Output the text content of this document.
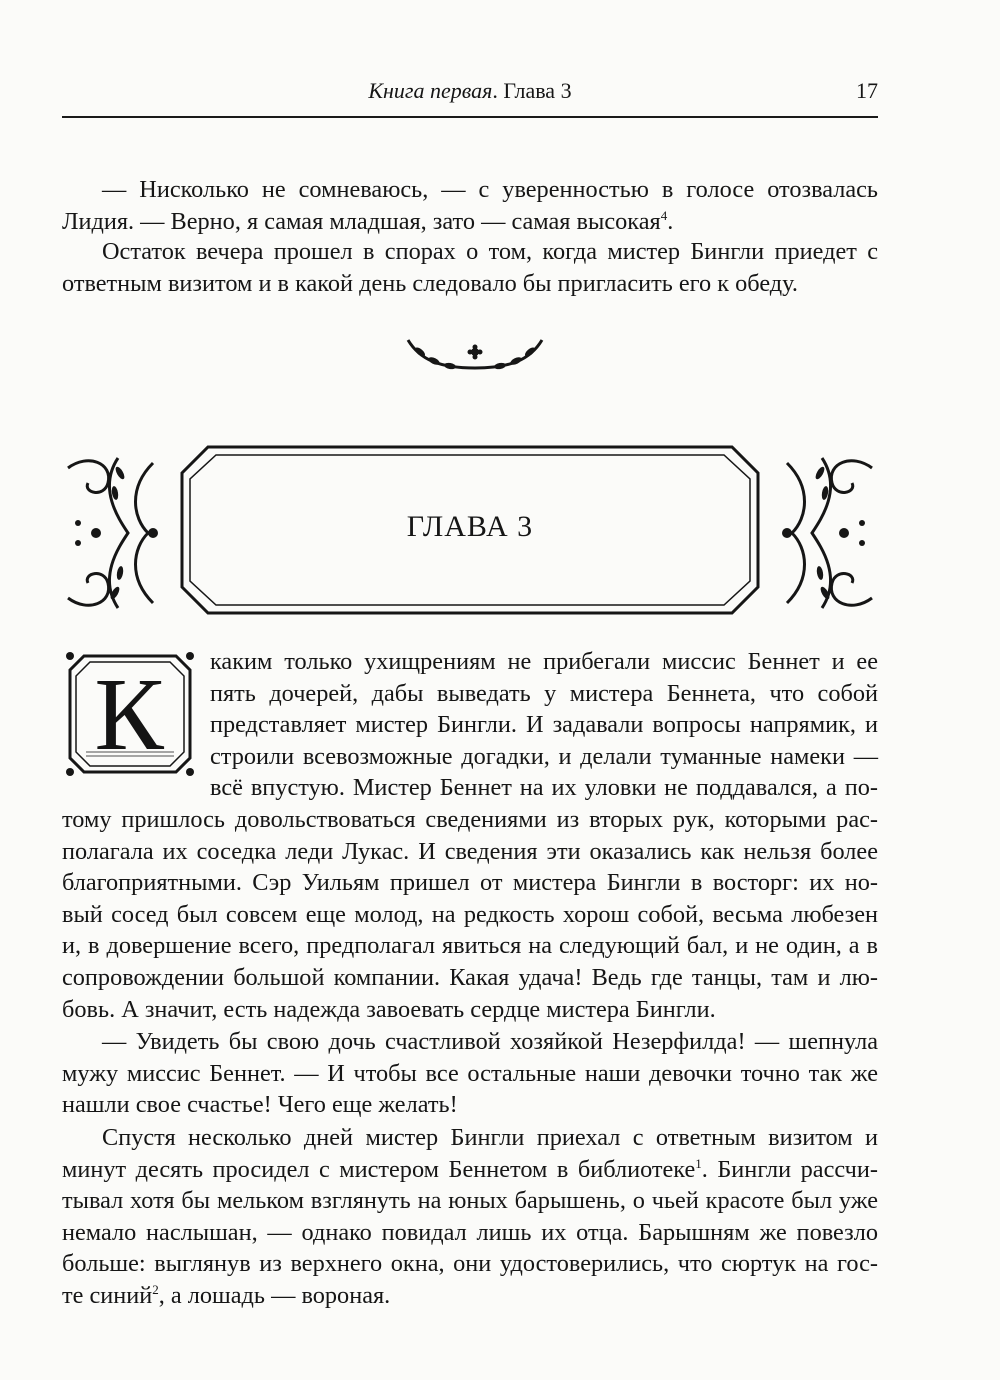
Книга первая. Глава 3	17
— Нисколько не сомневаюсь, — с уверенностью в голосе отозвалась
Лидия. — Верно, я самая младшая, зато — самая высокая$^4$.
Остаток вечера прошел в спорах о том, когда мистер Бингли приедет с
ответным визитом и в какой день следовало бы пригласить его к обеду.
ГЛАВА 3
К	каким только ухищрениям не прибегали миссис Беннет и ее
пять дочерей, дабы выведать у мистера Беннета, что собой
представляет мистер Бингли. И задавали вопросы напрямик, и
строили всевозможные догадки, и делали туманные намеки —
всё впустую. Мистер Беннет на их уловки не поддавался, а по-
тому пришлось довольствоваться сведениями из вторых рук, которыми рас-
полагала их соседка леди Лукас. И сведения эти оказались как нельзя более
благоприятными. Сэр Уильям пришел от мистера Бингли в восторг: их но-
вый сосед был совсем еще молод, на редкость хорош собой, весьма любезен
и, в довершение всего, предполагал явиться на следующий бал, и не один, а в
сопровождении большой компании. Какая удача! Ведь где танцы, там и лю-
бовь. А значит, есть надежда завоевать сердце мистера Бингли.
— Увидеть бы свою дочь счастливой хозяйкой Незерфилда! — шепнула
мужу миссис Беннет. — И чтобы все остальные наши девочки точно так же
нашли свое счастье! Чего еще желать!
Спустя несколько дней мистер Бингли приехал с ответным визитом и
минут десять просидел с мистером Беннетом в библиотеке$^1$. Бингли рассчи-
тывал хотя бы мельком взглянуть на юных барышень, о чьей красоте был уже
немало наслышан, — однако повидал лишь их отца. Барышням же повезло
больше: выглянув из верхнего окна, они удостоверились, что сюртук на гос-
те синий$^2$, а лошадь — вороная.
